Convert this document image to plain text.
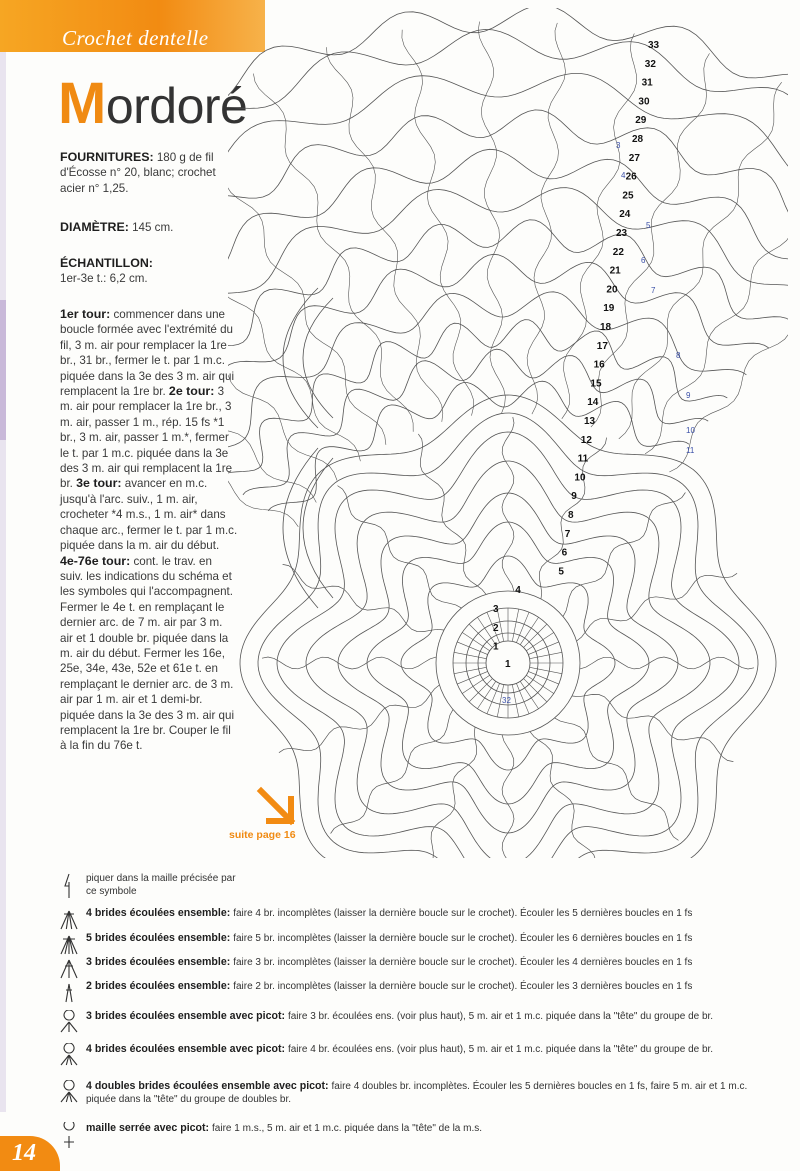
Crochet dentelle
Mordoré
FOURNITURES: 180 g de fil d'Écosse n° 20, blanc; crochet acier n° 1,25.
DIAMÈTRE: 145 cm.
ÉCHANTILLON:
1er-3e t.: 6,2 cm.
1er tour: commencer dans une boucle formée avec l'extrémité du fil, 3 m. air pour remplacer la 1re br., 31 br., fermer le t. par 1 m.c. piquée dans la 3e des 3 m. air qui remplacent la 1re br. 2e tour: 3 m. air pour remplacer la 1re br., 3 m. air, passer 1 m., rép. 15 fs *1 br., 3 m. air, passer 1 m.*, fermer le t. par 1 m.c. piquée dans la 3e des 3 m. air qui remplacent la 1re br. 3e tour: avancer en m.c. jusqu'à l'arc. suiv., 1 m. air, crocheter *4 m.s., 1 m. air* dans chaque arc., fermer le t. par 1 m.c. piquée dans la m. air du début. 4e-76e tour: cont. le trav. en suiv. les indications du schéma et les symboles qui l'accompagnent. Fermer le 4e t. en remplaçant le dernier arc. de 7 m. air par 3 m. air et 1 double br. piquée dans la m. air du début. Fermer les 16e, 25e, 34e, 43e, 52e et 61e t. en remplaçant le dernier arc. de 3 m. air par 1 m. air et 1 demi-br. piquée dans la 3e des 3 m. air qui remplacent la 1re br. Couper le fil à la fin du 76e t.
suite page 16
33
32
31
30
29
28
27
26
25
24
23
22
21
20
19
18
17
16
15
14
13
12
11
10
9
8
7
6
5
4
3
2
1
1
32
3
4
5
6
7
8
9
10
11
piquer dans la maille précisée par ce symbole
4 brides écoulées ensemble: faire 4 br. incomplètes (laisser la dernière boucle sur le crochet). Écouler les 5 dernières boucles en 1 fs
5 brides écoulées ensemble: faire 5 br. incomplètes (laisser la dernière boucle sur le crochet). Écouler les 6 dernières boucles en 1 fs
3 brides écoulées ensemble: faire 3 br. incomplètes (laisser la dernière boucle sur le crochet). Écouler les 4 dernières boucles en 1 fs
2 brides écoulées ensemble: faire 2 br. incomplètes (laisser la dernière boucle sur le crochet). Écouler les 3 dernières boucles en 1 fs
3 brides écoulées ensemble avec picot: faire 3 br. écoulées ens. (voir plus haut), 5 m. air et 1 m.c. piquée dans la "tête" du groupe de br.
4 brides écoulées ensemble avec picot: faire 4 br. écoulées ens. (voir plus haut), 5 m. air et 1 m.c. piquée dans la "tête" du groupe de br.
4 doubles brides écoulées ensemble avec picot: faire 4 doubles br. incomplètes. Écouler les 5 dernières boucles en 1 fs, faire 5 m. air et 1 m.c. piquée dans la "tête" du groupe de doubles br.
maille serrée avec picot: faire 1 m.s., 5 m. air et 1 m.c. piquée dans la "tête" de la m.s.
14
